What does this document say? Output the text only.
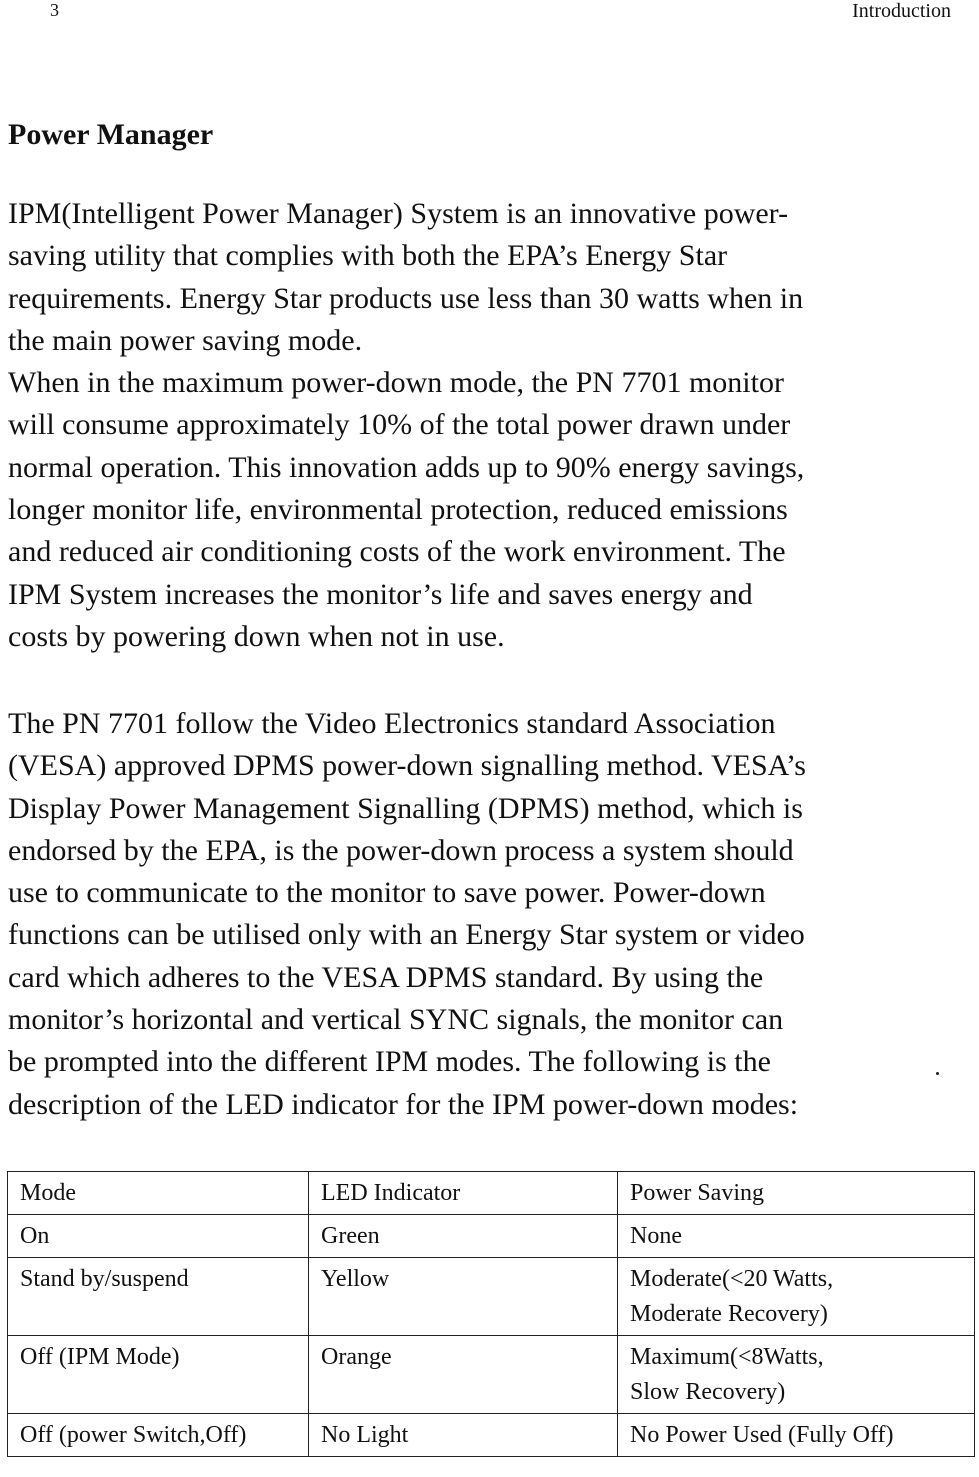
3	Introduction
Power Manager
IPM(Intelligent Power Manager) System is an innovative power-
saving utility that complies with both the EPA’s Energy Star
requirements. Energy Star products use less than 30 watts when in
the main power saving mode.
When in the maximum power-down mode, the PN 7701 monitor
will consume approximately 10% of the total power drawn under
normal operation. This innovation adds up to 90% energy savings,
longer monitor life, environmental protection, reduced emissions
and reduced air conditioning costs of the work environment. The
IPM System increases the monitor’s life and saves energy and
costs by powering down when not in use.
The PN 7701 follow the Video Electronics standard Association
(VESA) approved DPMS power-down signalling method. VESA’s
Display Power Management Signalling (DPMS) method, which is
endorsed by the EPA, is the power-down process a system should
use to communicate to the monitor to save power. Power-down
functions can be utilised only with an Energy Star system or video
card which adheres to the VESA DPMS standard. By using the
monitor’s horizontal and vertical SYNC signals, the monitor can
be prompted into the different IPM modes. The following is the
description of the LED indicator for the IPM power-down modes:
Mode	LED Indicator	Power Saving
On	Green	None

Stand by/suspend	Yellow	Moderate(<20 Watts,
Moderate Recovery)

Off (IPM Mode)	Orange	Maximum(<8Watts,
Slow Recovery)

Off (power Switch,Off)	No Light	No Power Used (Fully Off)
